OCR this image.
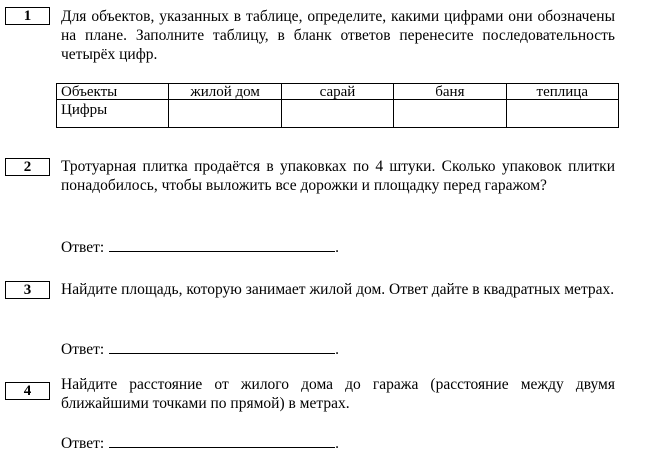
1	Для объектов, указанных в таблице, определите, какими цифрами они обозначены на плане. Заполните таблицу, в бланк ответов перенесите последовательность четырёх цифр.
Объекты	жилой дом	сарай	баня	теплица
Цифры				
2	Тротуарная плитка продаётся в упаковках по 4 штуки. Сколько упаковок плитки понадобилось, чтобы выложить все дорожки и площадку перед гаражом?
Ответ:	.
3	Найдите площадь, которую занимает жилой дом. Ответ дайте в квадратных метрах.
Ответ:	.
4	Найдите расстояние от жилого дома до гаража (расстояние между двумя ближайшими точками по прямой) в метрах.
Ответ:	.
